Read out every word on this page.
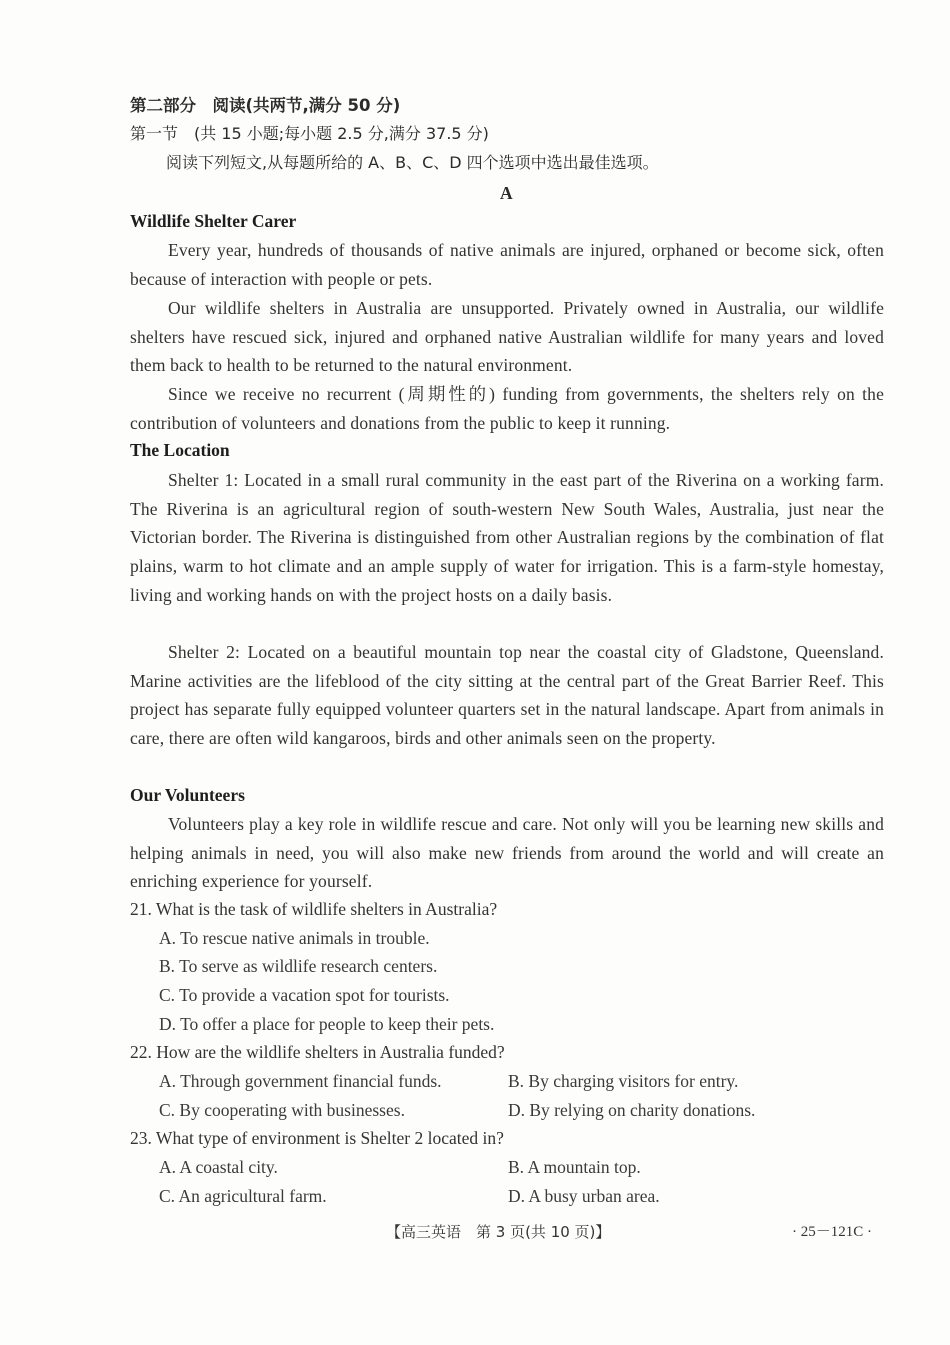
第二部分　阅读(共两节,满分 50 分)
第一节　(共 15 小题;每小题 2.5 分,满分 37.5 分)
阅读下列短文,从每题所给的 A、B、C、D 四个选项中选出最佳选项。
A
Wildlife Shelter Carer
Every year, hundreds of thousands of native animals are injured, orphaned or become sick, often because of interaction with people or pets.
Our wildlife shelters in Australia are unsupported. Privately owned in Australia, our wildlife shelters have rescued sick, injured and orphaned native Australian wildlife for many years and loved them back to health to be returned to the natural environment.
Since we receive no recurrent (周期性的) funding from governments, the shelters rely on the contribution of volunteers and donations from the public to keep it running.
The Location
Shelter 1: Located in a small rural community in the east part of the Riverina on a working farm. The Riverina is an agricultural region of south-western New South Wales, Australia, just near the Victorian border. The Riverina is distinguished from other Australian regions by the combination of flat plains, warm to hot climate and an ample supply of water for irrigation. This is a farm-style homestay, living and working hands on with the project hosts on a daily basis.
Shelter 2: Located on a beautiful mountain top near the coastal city of Gladstone, Queensland. Marine activities are the lifeblood of the city sitting at the central part of the Great Barrier Reef. This project has separate fully equipped volunteer quarters set in the natural landscape. Apart from animals in care, there are often wild kangaroos, birds and other animals seen on the property.
Our Volunteers
Volunteers play a key role in wildlife rescue and care. Not only will you be learning new skills and helping animals in need, you will also make new friends from around the world and will create an enriching experience for yourself.
21. What is the task of wildlife shelters in Australia?
A. To rescue native animals in trouble.
B. To serve as wildlife research centers.
C. To provide a vacation spot for tourists.
D. To offer a place for people to keep their pets.
22. How are the wildlife shelters in Australia funded?
A. Through government financial funds.	B. By charging visitors for entry.
C. By cooperating with businesses.	D. By relying on charity donations.
23. What type of environment is Shelter 2 located in?
A. A coastal city.	B. A mountain top.
C. An agricultural farm.	D. A busy urban area.
【高三英语　第 3 页(共 10 页)】	· 25－121C ·
